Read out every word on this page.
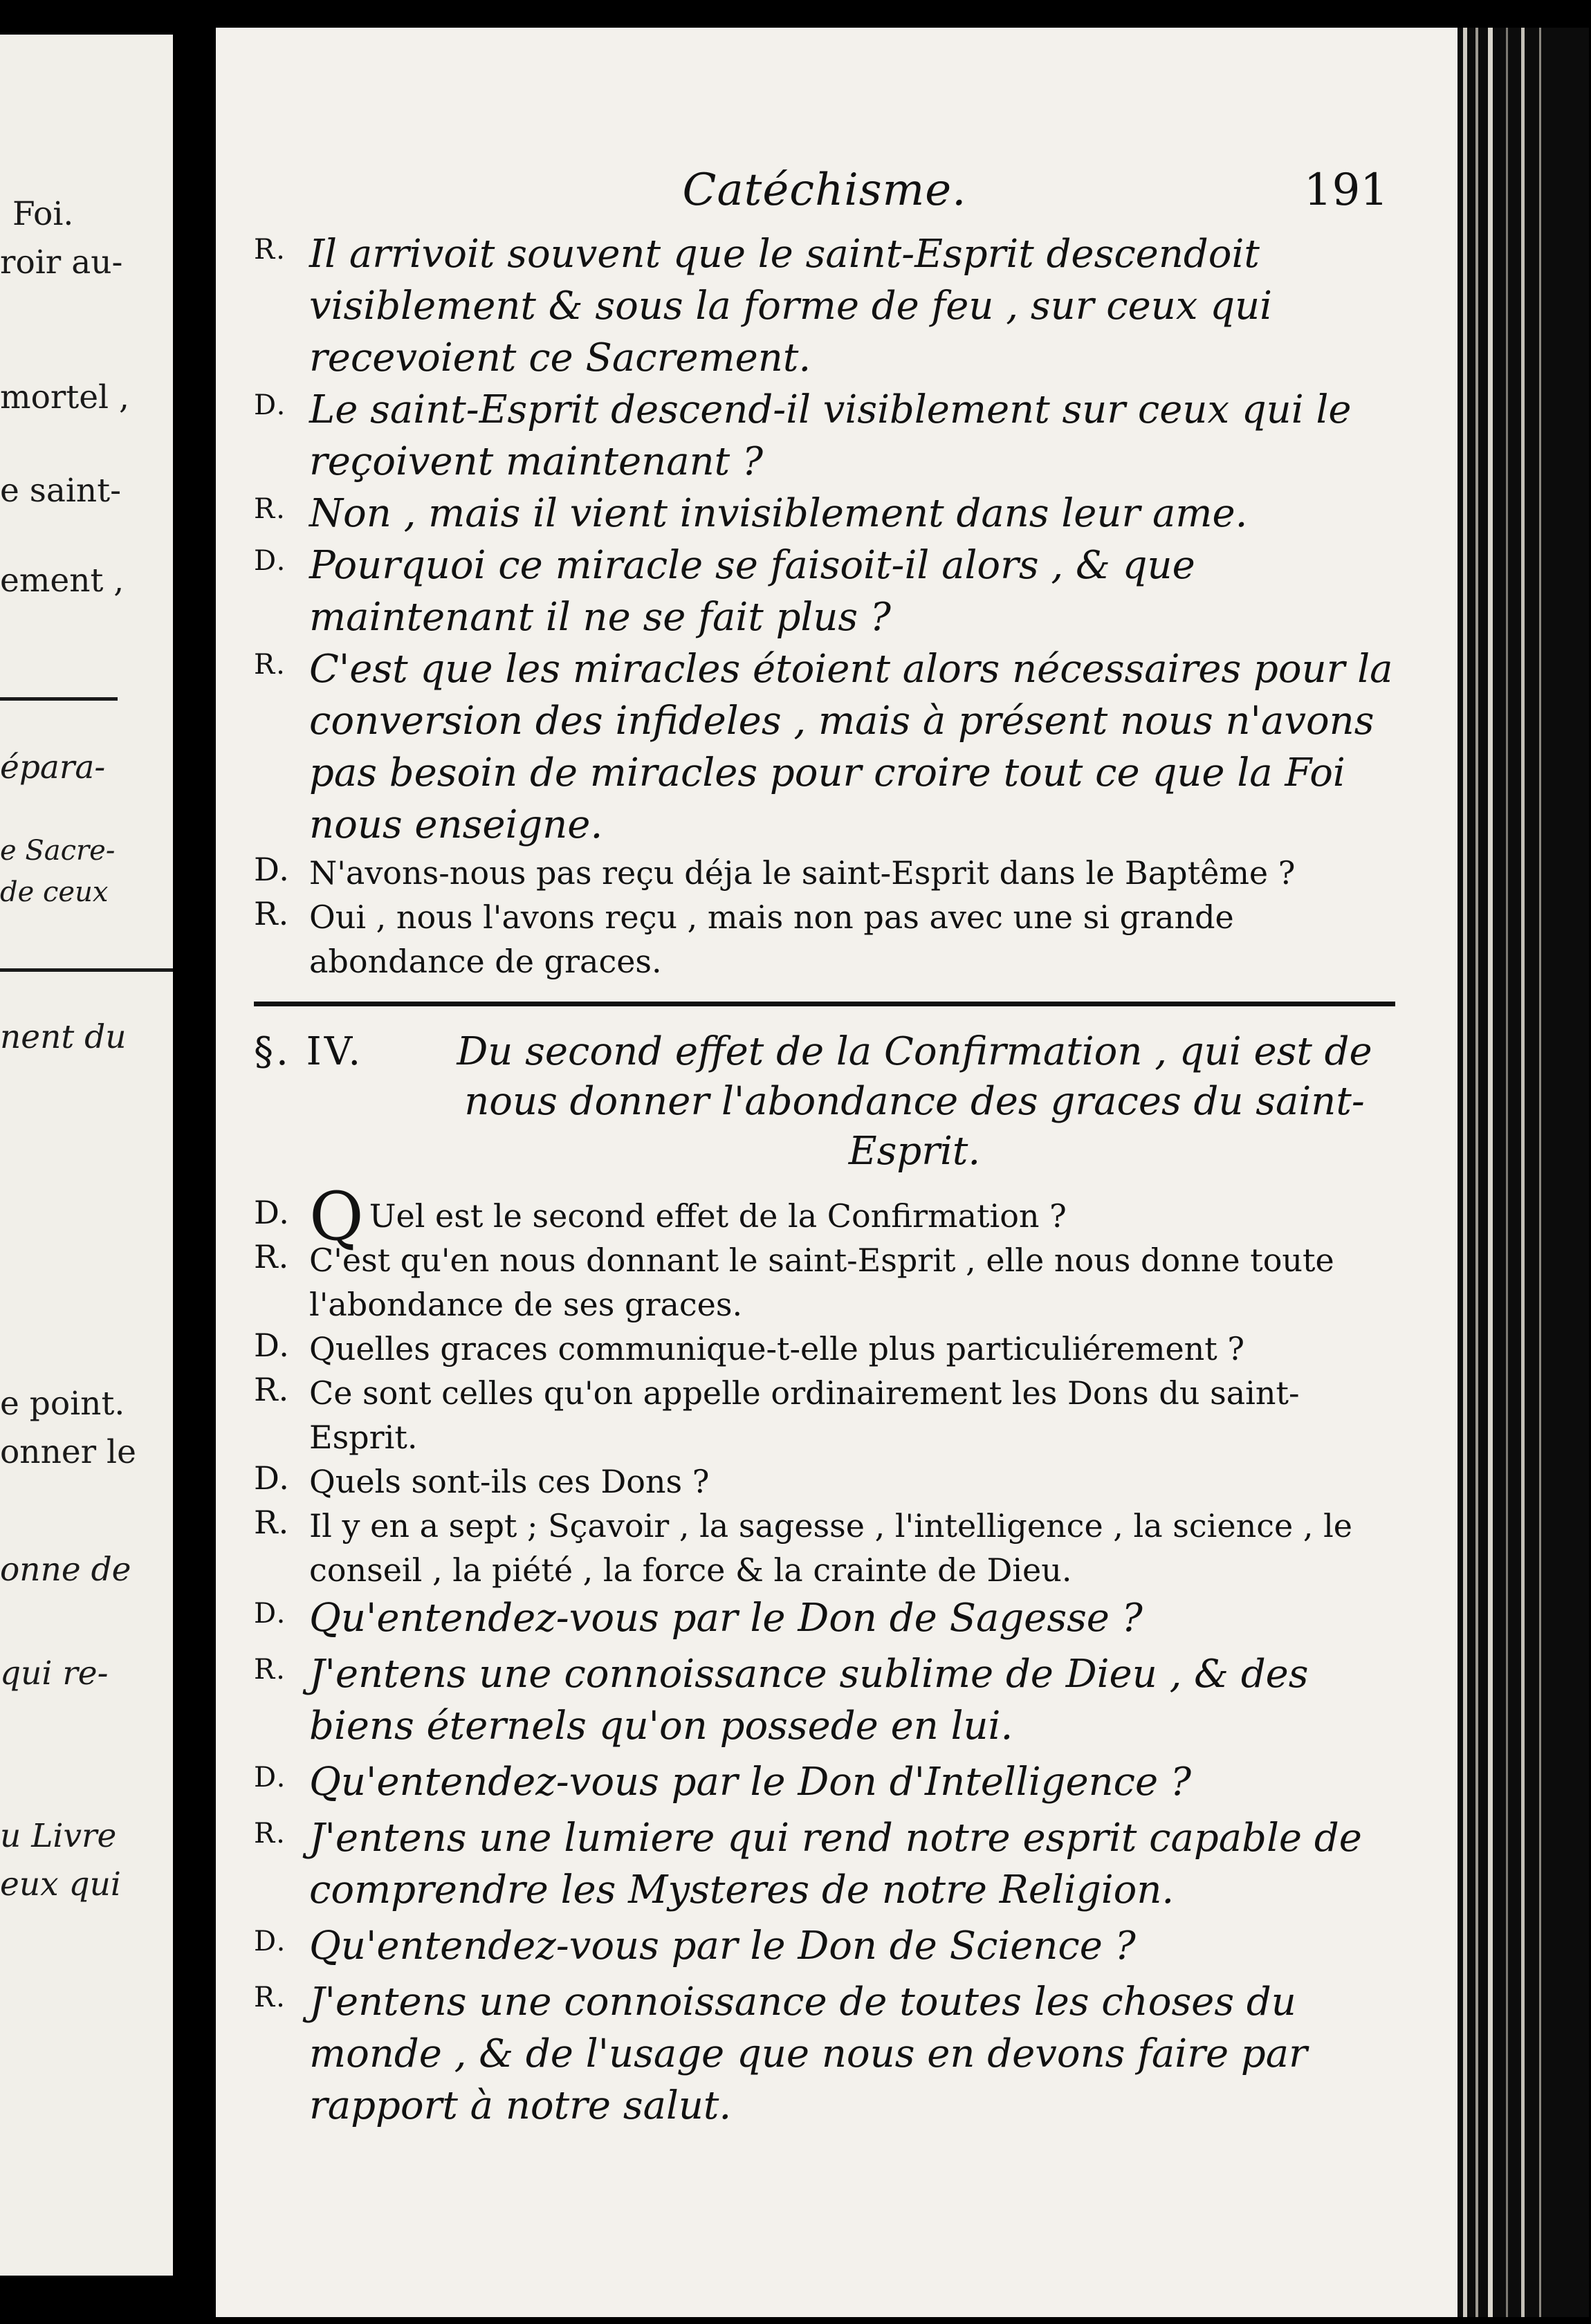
Foi.
roir au-
mortel ,
e saint-
ement ,
épara-
e Sacre-
de ceux
nent du
e point.
onner le
onne de
qui re-
u Livre
eux qui
Catéchisme.	191
R. Il arrivoit souvent que le saint-Esprit descendoit visiblement & sous la forme de feu , sur ceux qui recevoient ce Sacrement.
D. Le saint-Esprit descend-il visiblement sur ceux qui le reçoivent maintenant ?
R. Non , mais il vient invisiblement dans leur ame.
D. Pourquoi ce miracle se faisoit-il alors , & que maintenant il ne se fait plus ?
R. C'est que les miracles étoient alors nécessaires pour la conversion des infideles , mais à présent nous n'avons pas besoin de miracles pour croire tout ce que la Foi nous enseigne.
D. N'avons-nous pas reçu déja le saint-Esprit dans le Baptême ?
R. Oui , nous l'avons reçu , mais non pas avec une si grande abondance de graces.
§. IV.	Du second effet de la Confirmation , qui est de nous donner l'abondance des graces du saint-Esprit.
D. Q Uel est le second effet de la Confirmation ?
R. C'est qu'en nous donnant le saint-Esprit , elle nous donne toute l'abondance de ses graces.
D. Quelles graces communique-t-elle plus particuliérement ?
R. Ce sont celles qu'on appelle ordinairement les Dons du saint-Esprit.
D. Quels sont-ils ces Dons ?
R. Il y en a sept ; Sçavoir , la sagesse , l'intelligence , la science , le conseil , la piété , la force & la crainte de Dieu.
D. Qu'entendez-vous par le Don de Sagesse ?
R. J'entens une connoissance sublime de Dieu , & des biens éternels qu'on possede en lui.
D. Qu'entendez-vous par le Don d'Intelligence ?
R. J'entens une lumiere qui rend notre esprit capable de comprendre les Mysteres de notre Religion.
D. Qu'entendez-vous par le Don de Science ?
R. J'entens une connoissance de toutes les choses du monde , & de l'usage que nous en devons faire par rapport à notre salut.
